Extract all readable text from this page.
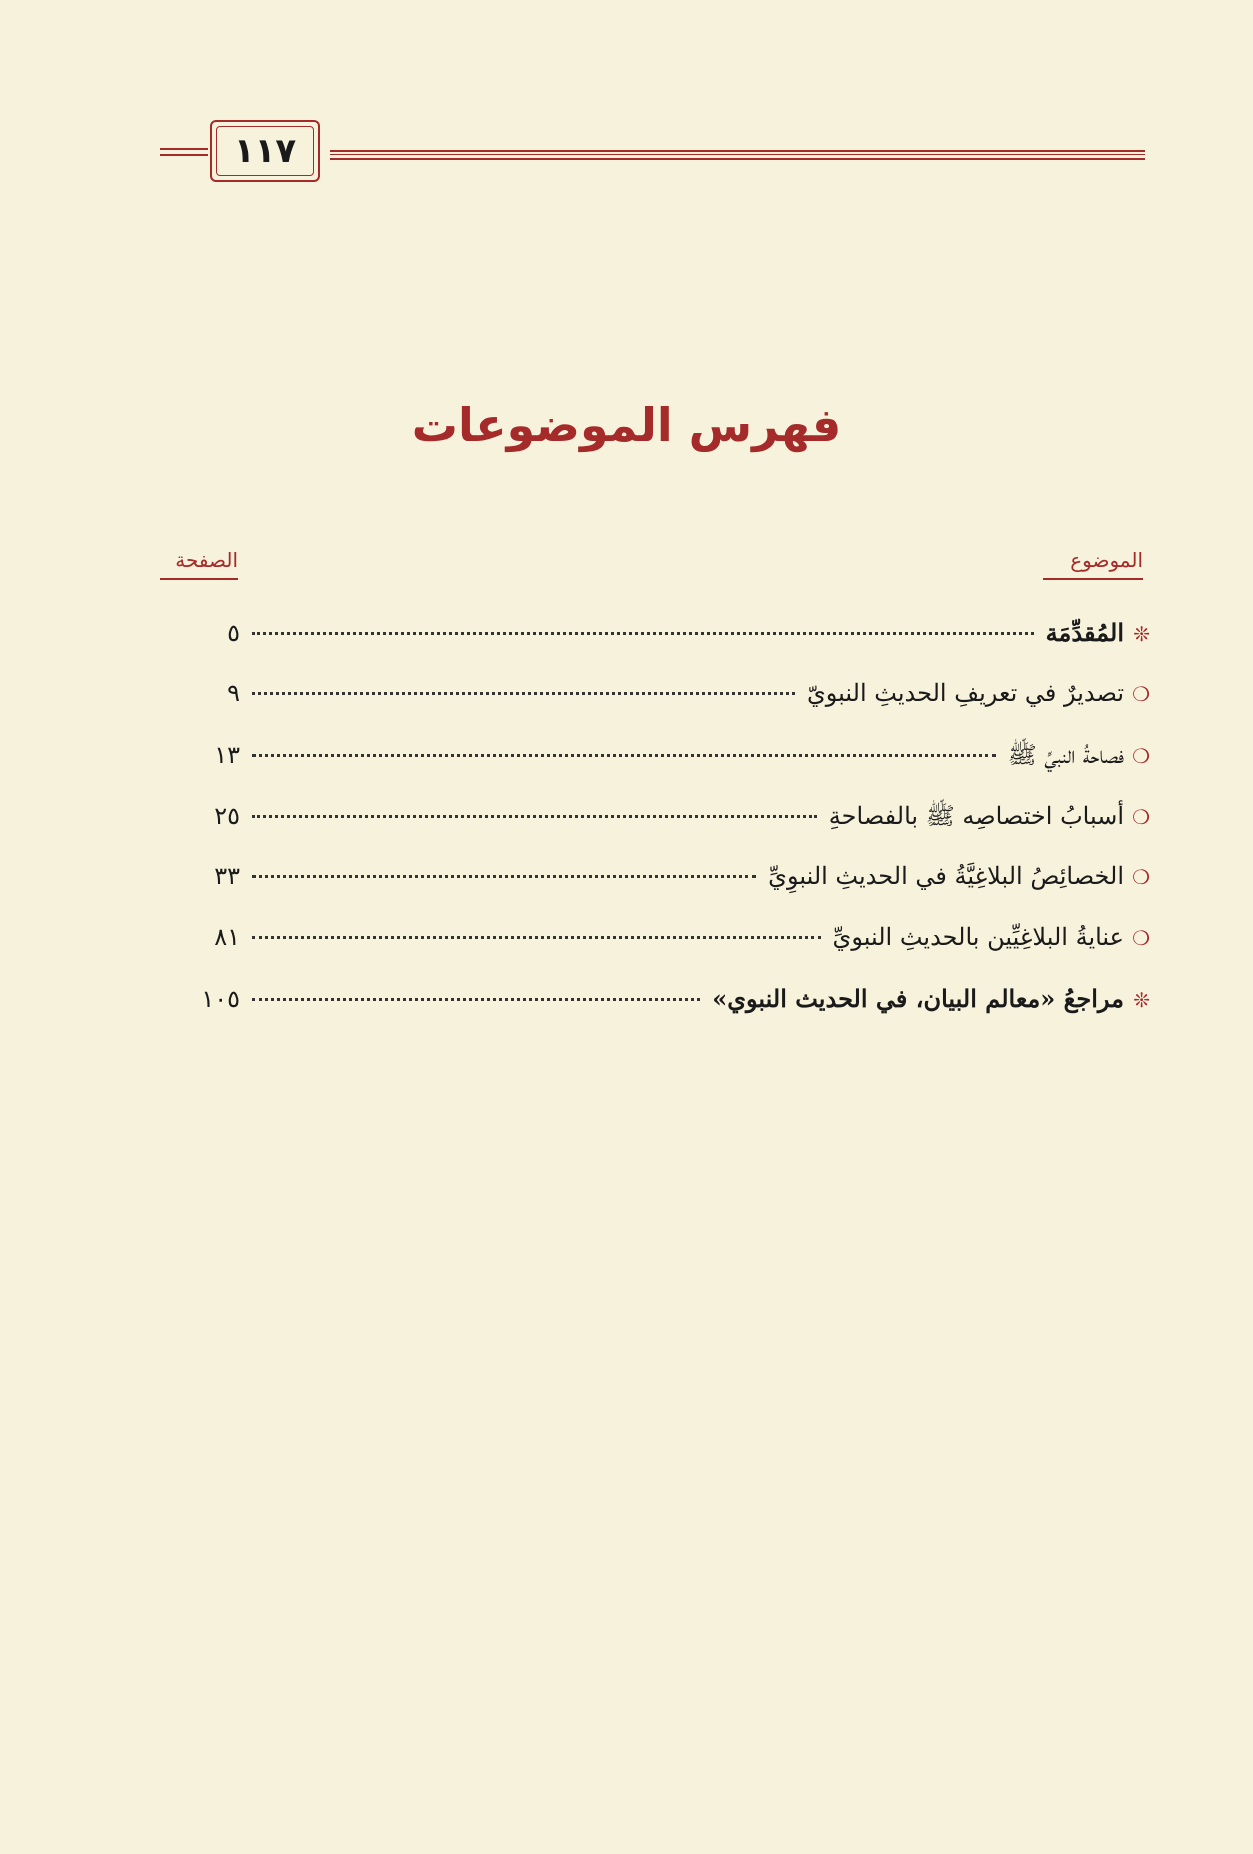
١١٧
فهرس الموضوعات
الموضوع
الصفحة
❊
المُقدِّمَة
٥
❍
تصديرٌ في تعريفِ الحديثِ النبويّ
٩
❍
فصاحةُ النبيِّ ﷺ
١٣
❍
أسبابُ اختصاصِه ﷺ بالفصاحةِ
٢٥
❍
الخصائِصُ البلاغِيَّةُ في الحديثِ النبوِيِّ
٣٣
❍
عنايةُ البلاغِيِّين بالحديثِ النبويِّ
٨١
❊
مراجعُ «معالم البيان، في الحديث النبوي»
١٠٥
